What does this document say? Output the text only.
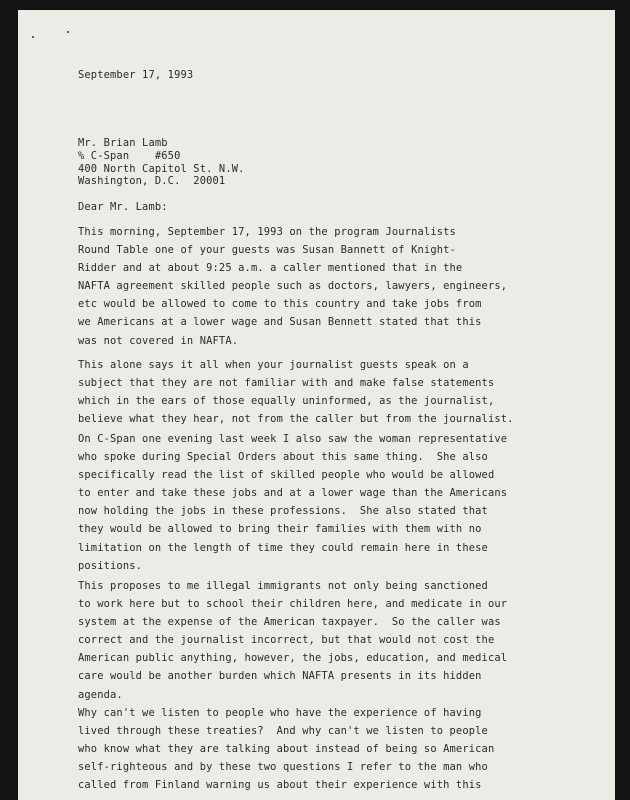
September 17, 1993
Mr. Brian Lamb
% C-Span    #650
400 North Capitol St. N.W.
Washington, D.C.  20001
Dear Mr. Lamb:
This morning, September 17, 1993 on the program Journalists
Round Table one of your guests was Susan Bannett of Knight-
Ridder and at about 9:25 a.m. a caller mentioned that in the
NAFTA agreement skilled people such as doctors, lawyers, engineers,
etc would be allowed to come to this country and take jobs from
we Americans at a lower wage and Susan Bennett stated that this
was not covered in NAFTA.
This alone says it all when your journalist guests speak on a
subject that they are not familiar with and make false statements
which in the ears of those equally uninformed, as the journalist,
believe what they hear, not from the caller but from the journalist.
On C-Span one evening last week I also saw the woman representative
who spoke during Special Orders about this same thing.  She also
specifically read the list of skilled people who would be allowed
to enter and take these jobs and at a lower wage than the Americans
now holding the jobs in these professions.  She also stated that
they would be allowed to bring their families with them with no
limitation on the length of time they could remain here in these
positions.
This proposes to me illegal immigrants not only being sanctioned
to work here but to school their children here, and medicate in our
system at the expense of the American taxpayer.  So the caller was
correct and the journalist incorrect, but that would not cost the
American public anything, however, the jobs, education, and medical
care would be another burden which NAFTA presents in its hidden
agenda.
Why can't we listen to people who have the experience of having
lived through these treaties?  And why can't we listen to people
who know what they are talking about instead of being so American
self-righteous and by these two questions I refer to the man who
called from Finland warning us about their experience with this
